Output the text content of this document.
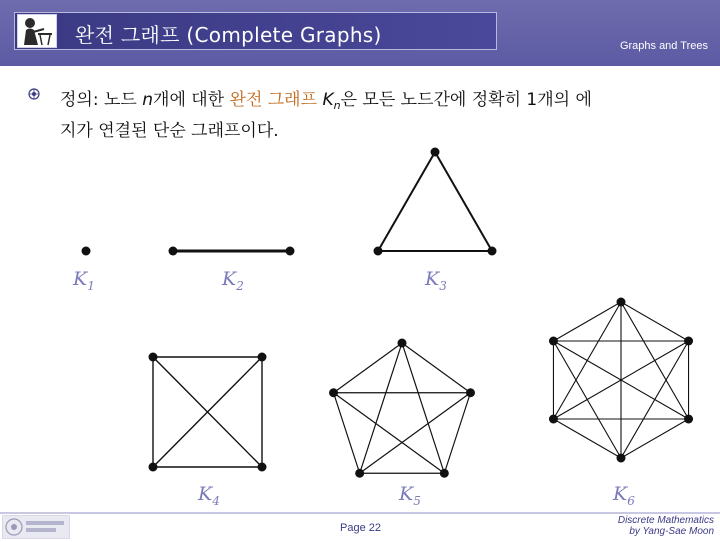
완전 그래프 (Complete Graphs)	Graphs and Trees
정의: 노드 n개에 대한 완전 그래프 $K_n$은 모든 노드간에 정확히 1개의 에
지가 연결된 단순 그래프이다.
$K_1$	$K_2$	$K_3$
$K_4$	$K_5$	$K_6$
Page 22
Discrete Mathematics
by Yang-Sae Moon
